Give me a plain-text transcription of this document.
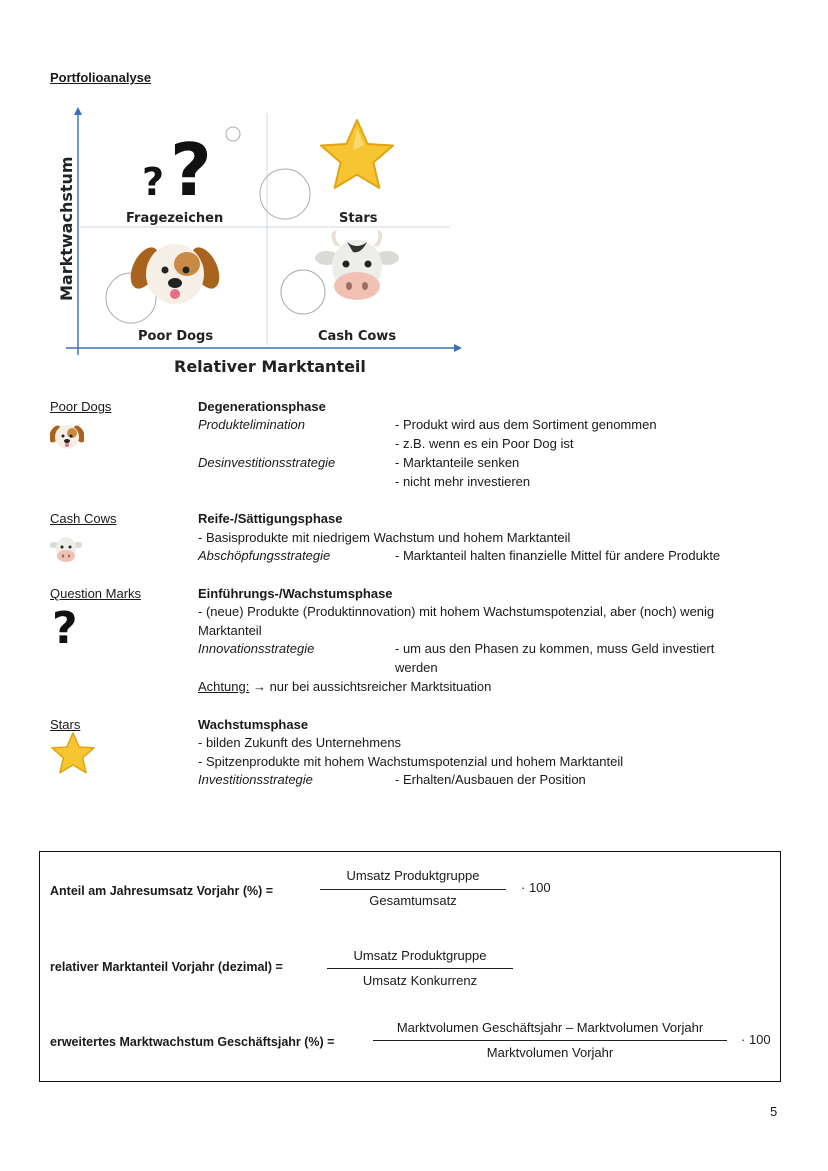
Portfolioanalyse
?
?
Fragezeichen	Stars
Poor Dogs	Cash Cows
Relativer Marktanteil
Marktwachstum
Poor Dogs	Degenerationsphase
Produktelimination	- Produkt wird aus dem Sortiment genommen
- z.B. wenn es ein Poor Dog ist
Desinvestitionsstrategie	- Marktanteile senken
- nicht mehr investieren
Cash Cows	Reife-/Sättigungsphase
- Basisprodukte mit niedrigem Wachstum und hohem Marktanteil
Abschöpfungsstrategie	- Marktanteil halten finanzielle Mittel für andere Produkte
Question Marks
?
Einführungs-/Wachstumsphase
- (neue) Produkte (Produktinnovation) mit hohem Wachstumspotenzial, aber (noch) wenig
Marktanteil
Innovationsstrategie	- um aus den Phasen zu kommen, muss Geld investiert
werden
Achtung: → nur bei aussichtsreicher Marktsituation
Stars	Wachstumsphase
- bilden Zukunft des Unternehmens
- Spitzenprodukte mit hohem Wachstumspotenzial und hohem Marktanteil
Investitionsstrategie	- Erhalten/Ausbauen der Position
Anteil am Jahresumsatz Vorjahr (%) =
Umsatz Produktgruppe
Gesamtumsatz
· 100
relativer Marktanteil Vorjahr (dezimal) =
Umsatz Produktgruppe
Umsatz Konkurrenz
erweitertes Marktwachstum Geschäftsjahr (%) =
Marktvolumen Geschäftsjahr – Marktvolumen Vorjahr
Marktvolumen Vorjahr
· 100
5
